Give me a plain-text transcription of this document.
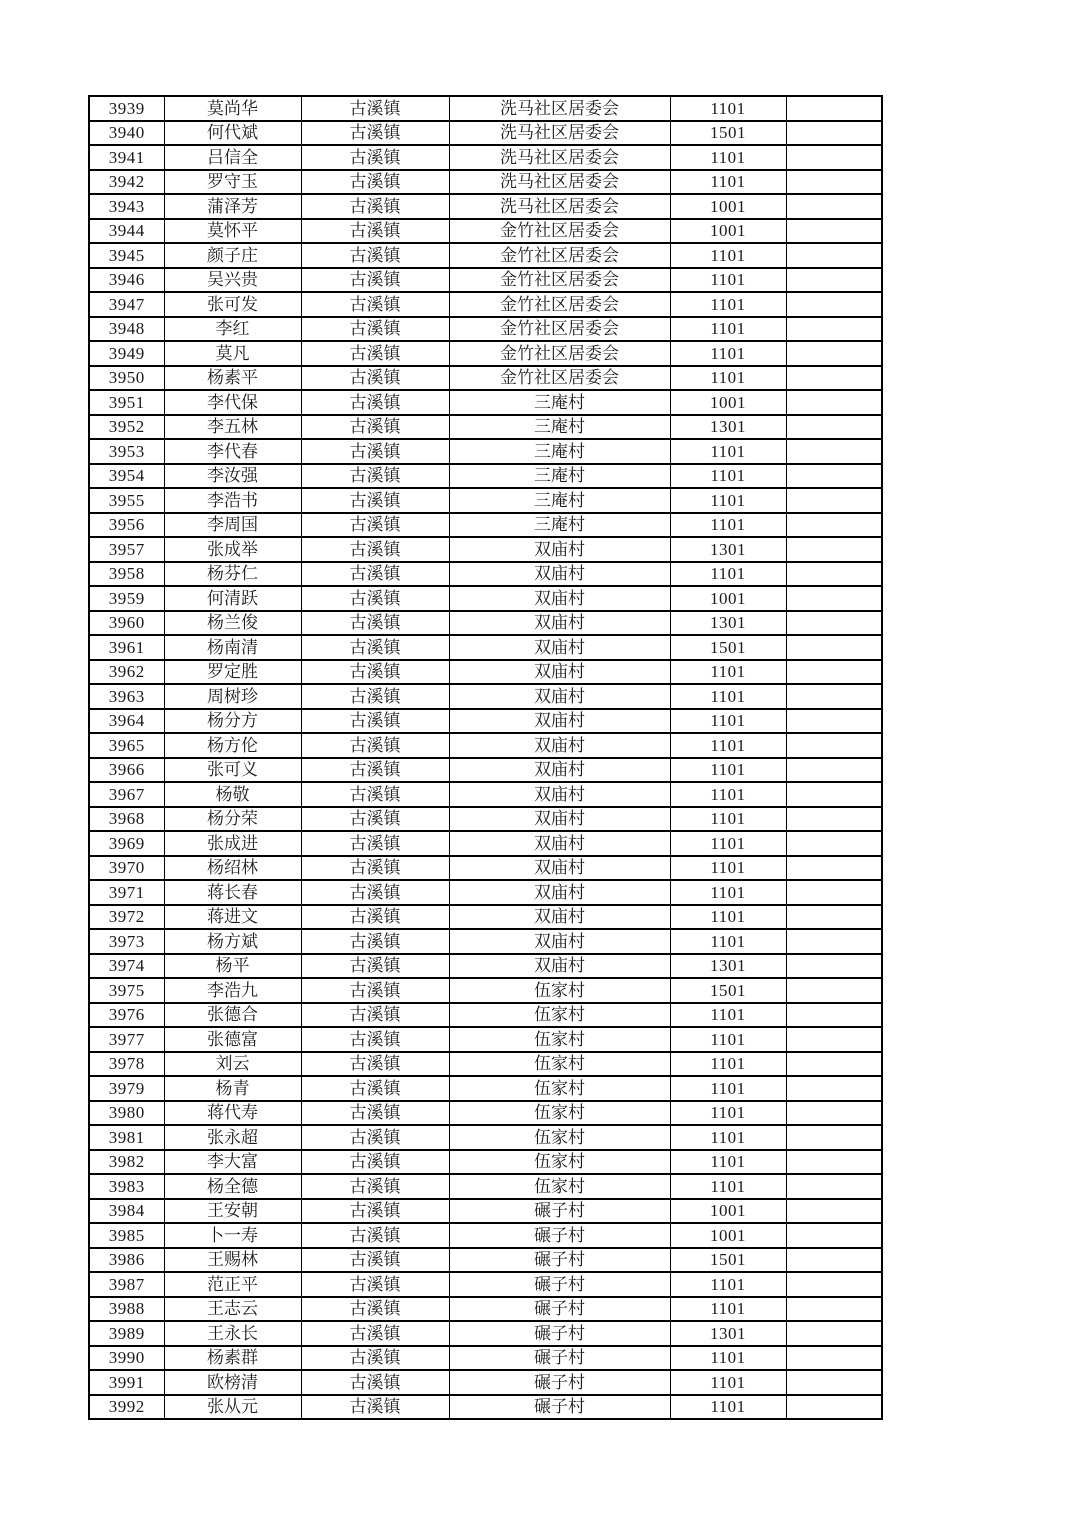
3939	莫尚华	古溪镇	洗马社区居委会	1101	
3940	何代斌	古溪镇	洗马社区居委会	1501	
3941	吕信全	古溪镇	洗马社区居委会	1101	
3942	罗守玉	古溪镇	洗马社区居委会	1101	
3943	蒲泽芳	古溪镇	洗马社区居委会	1001	
3944	莫怀平	古溪镇	金竹社区居委会	1001	
3945	颜子庄	古溪镇	金竹社区居委会	1101	
3946	吴兴贵	古溪镇	金竹社区居委会	1101	
3947	张可发	古溪镇	金竹社区居委会	1101	
3948	李红	古溪镇	金竹社区居委会	1101	
3949	莫凡	古溪镇	金竹社区居委会	1101	
3950	杨素平	古溪镇	金竹社区居委会	1101	
3951	李代保	古溪镇	三庵村	1001	
3952	李五林	古溪镇	三庵村	1301	
3953	李代春	古溪镇	三庵村	1101	
3954	李汝强	古溪镇	三庵村	1101	
3955	李浩书	古溪镇	三庵村	1101	
3956	李周国	古溪镇	三庵村	1101	
3957	张成举	古溪镇	双庙村	1301	
3958	杨芬仁	古溪镇	双庙村	1101	
3959	何清跃	古溪镇	双庙村	1001	
3960	杨兰俊	古溪镇	双庙村	1301	
3961	杨南清	古溪镇	双庙村	1501	
3962	罗定胜	古溪镇	双庙村	1101	
3963	周树珍	古溪镇	双庙村	1101	
3964	杨分方	古溪镇	双庙村	1101	
3965	杨方伦	古溪镇	双庙村	1101	
3966	张可义	古溪镇	双庙村	1101	
3967	杨敬	古溪镇	双庙村	1101	
3968	杨分荣	古溪镇	双庙村	1101	
3969	张成进	古溪镇	双庙村	1101	
3970	杨绍林	古溪镇	双庙村	1101	
3971	蒋长春	古溪镇	双庙村	1101	
3972	蒋进文	古溪镇	双庙村	1101	
3973	杨方斌	古溪镇	双庙村	1101	
3974	杨平	古溪镇	双庙村	1301	
3975	李浩九	古溪镇	伍家村	1501	
3976	张德合	古溪镇	伍家村	1101	
3977	张德富	古溪镇	伍家村	1101	
3978	刘云	古溪镇	伍家村	1101	
3979	杨青	古溪镇	伍家村	1101	
3980	蒋代寿	古溪镇	伍家村	1101	
3981	张永超	古溪镇	伍家村	1101	
3982	李大富	古溪镇	伍家村	1101	
3983	杨全德	古溪镇	伍家村	1101	
3984	王安朝	古溪镇	碾子村	1001	
3985	卜一寿	古溪镇	碾子村	1001	
3986	王赐林	古溪镇	碾子村	1501	
3987	范正平	古溪镇	碾子村	1101	
3988	王志云	古溪镇	碾子村	1101	
3989	王永长	古溪镇	碾子村	1301	
3990	杨素群	古溪镇	碾子村	1101	
3991	欧榜清	古溪镇	碾子村	1101	
3992	张从元	古溪镇	碾子村	1101	
